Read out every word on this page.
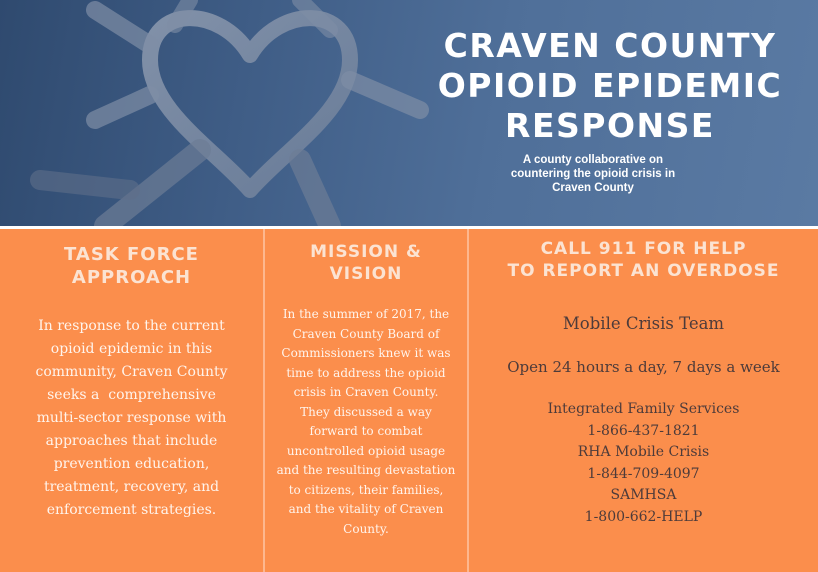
CRAVEN COUNTY
OPIOID EPIDEMIC
RESPONSE
A county collaborative on
countering the opioid crisis in
Craven County
TASK FORCE
APPROACH
In response to the current
opioid epidemic in this
community, Craven County
seeks a  comprehensive
multi-sector response with
approaches that include
prevention education,
treatment, recovery, and
enforcement strategies.
MISSION &
VISION
In the summer of 2017, the
Craven County Board of
Commissioners knew it was
time to address the opioid
crisis in Craven County.
They discussed a way
forward to combat
uncontrolled opioid usage
and the resulting devastation
to citizens, their families,
and the vitality of Craven
County.
CALL 911 FOR HELP
TO REPORT AN OVERDOSE
Mobile Crisis Team
Open 24 hours a day, 7 days a week
Integrated Family Services
1-866-437-1821
RHA Mobile Crisis
1-844-709-4097
SAMHSA
1-800-662-HELP
